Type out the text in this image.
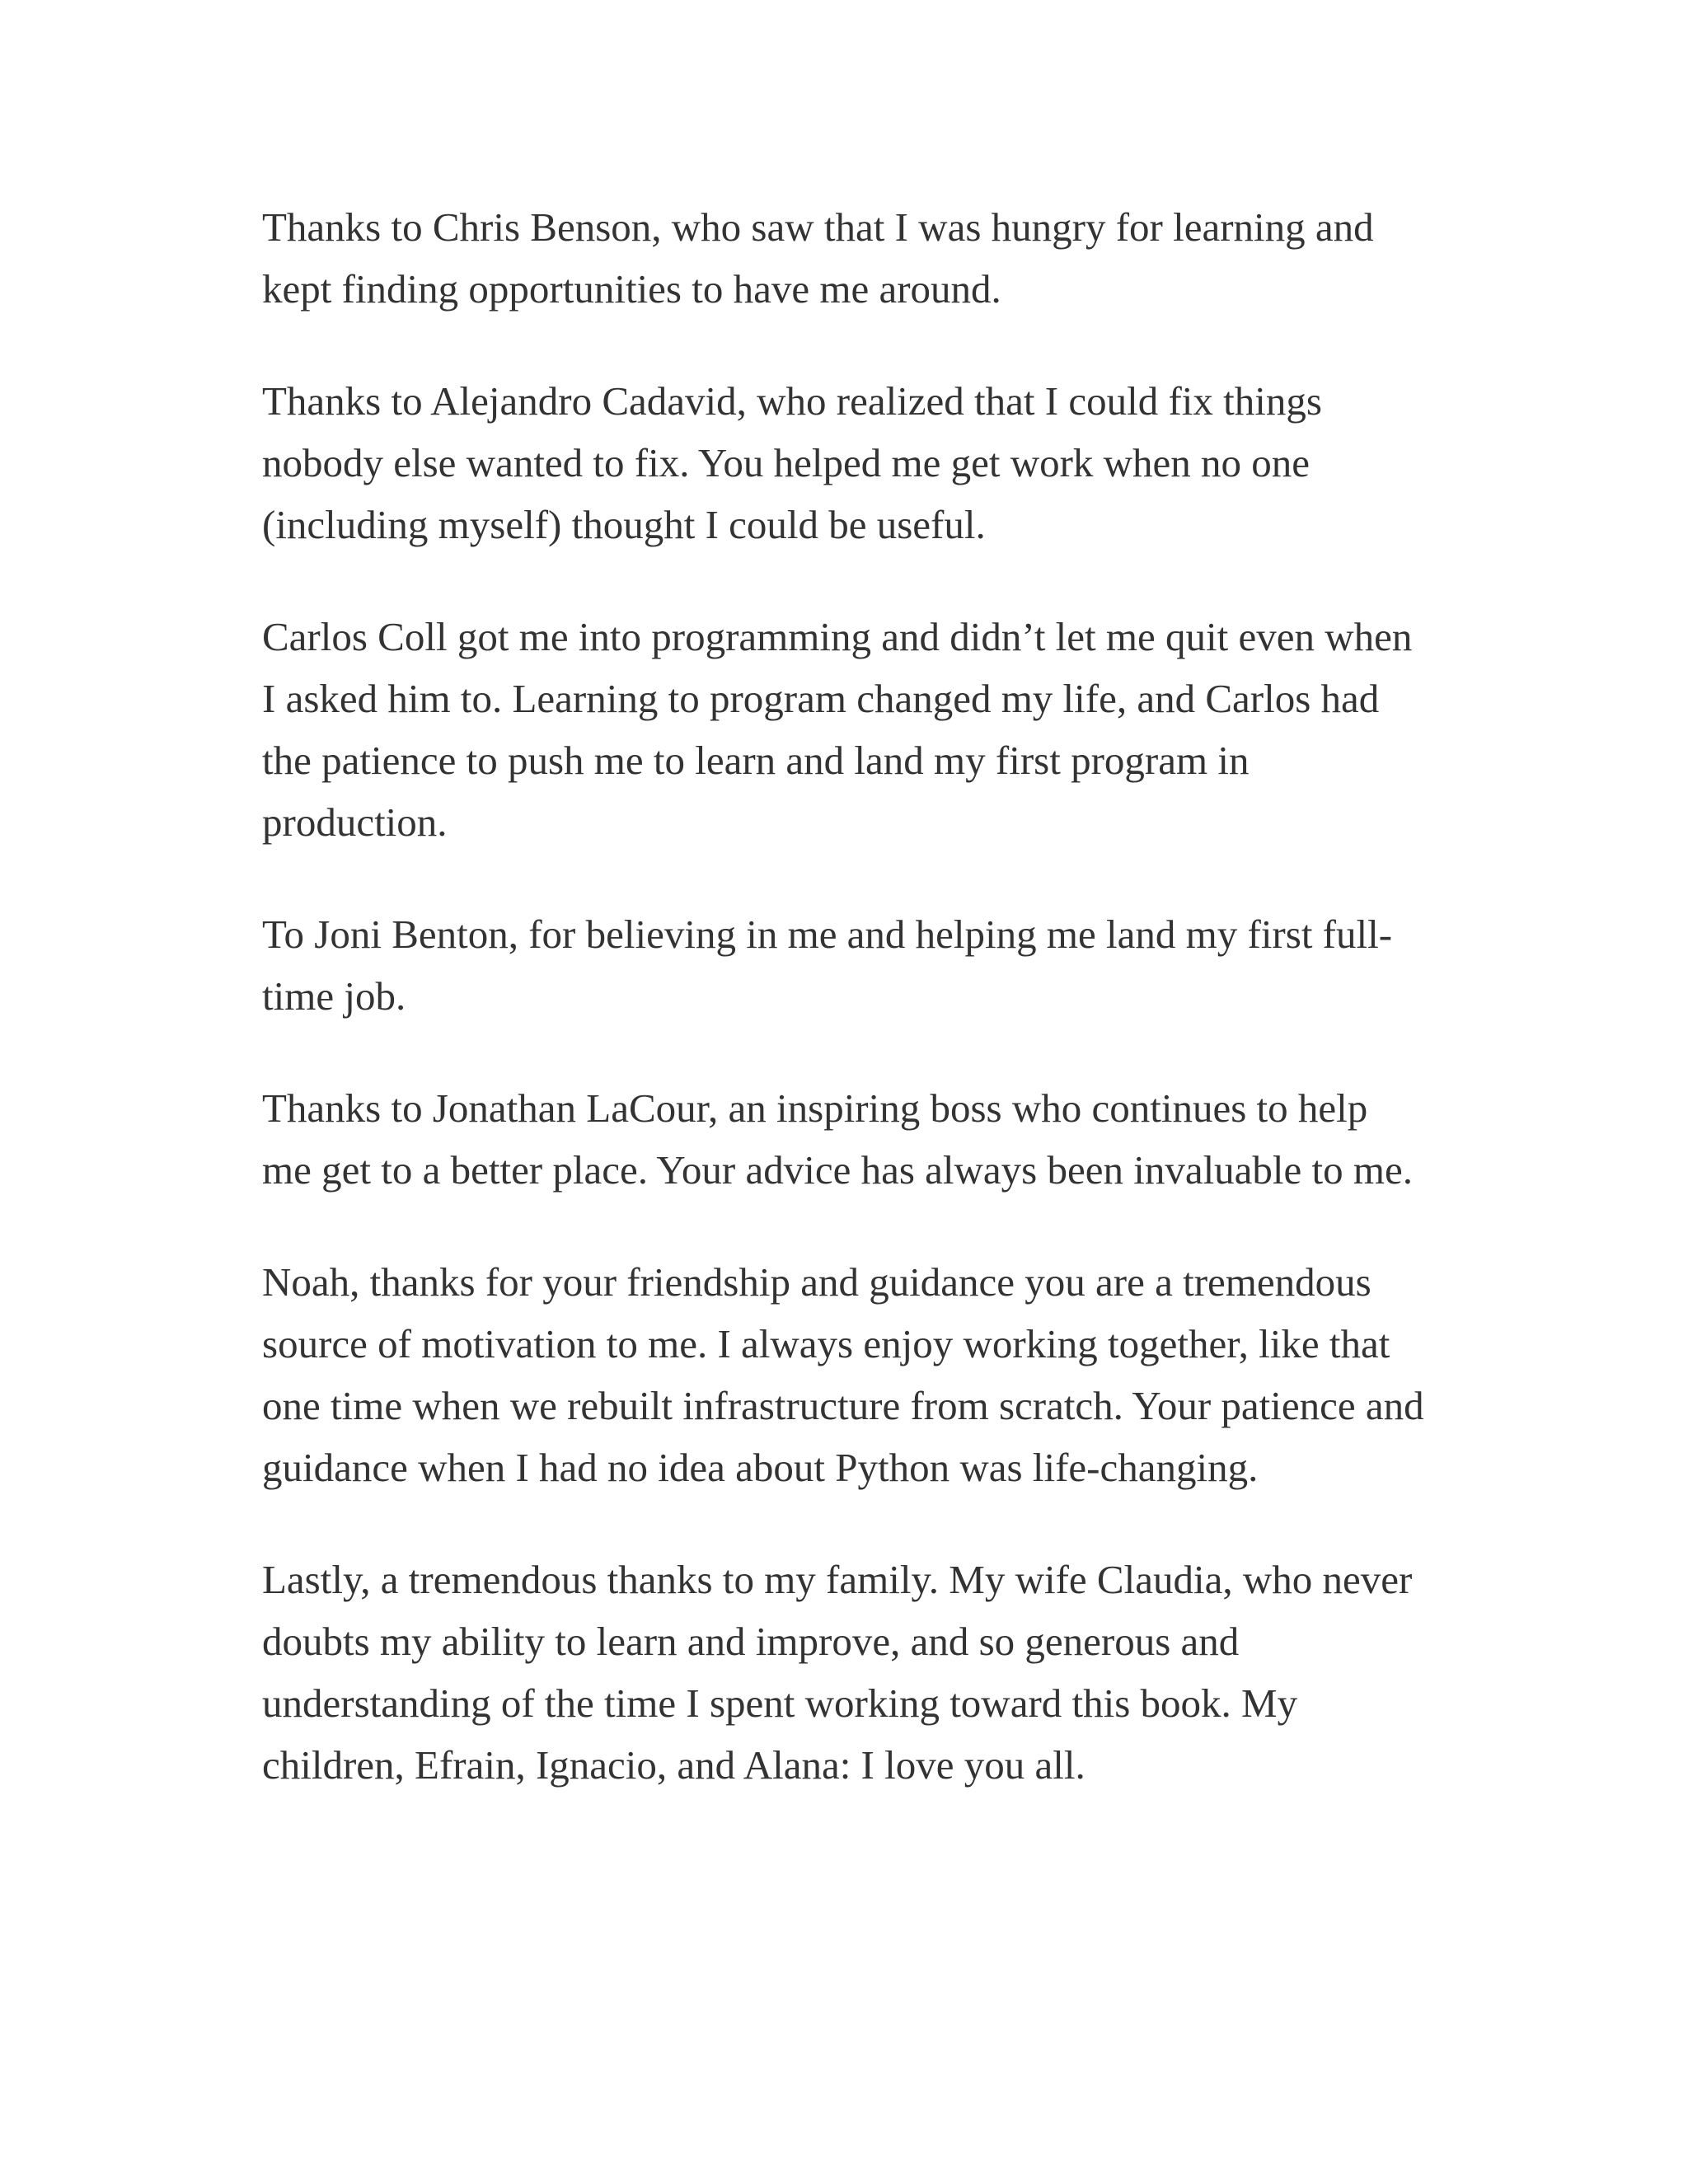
Thanks to Chris Benson, who saw that I was hungry for learning and kept finding opportunities to have me around.

Thanks to Alejandro Cadavid, who realized that I could fix things nobody else wanted to fix. You helped me get work when no one (including myself) thought I could be useful.

Carlos Coll got me into programming and didn’t let me quit even when I asked him to. Learning to program changed my life, and Carlos had the patience to push me to learn and land my first program in production.

To Joni Benton, for believing in me and helping me land my first full-time job.

Thanks to Jonathan LaCour, an inspiring boss who continues to help me get to a better place. Your advice has always been invaluable to me.

Noah, thanks for your friendship and guidance you are a tremendous source of motivation to me. I always enjoy working together, like that one time when we rebuilt infrastructure from scratch. Your patience and guidance when I had no idea about Python was life-changing.

Lastly, a tremendous thanks to my family. My wife Claudia, who never doubts my ability to learn and improve, and so generous and understanding of the time I spent working toward this book. My children, Efrain, Ignacio, and Alana: I love you all.
